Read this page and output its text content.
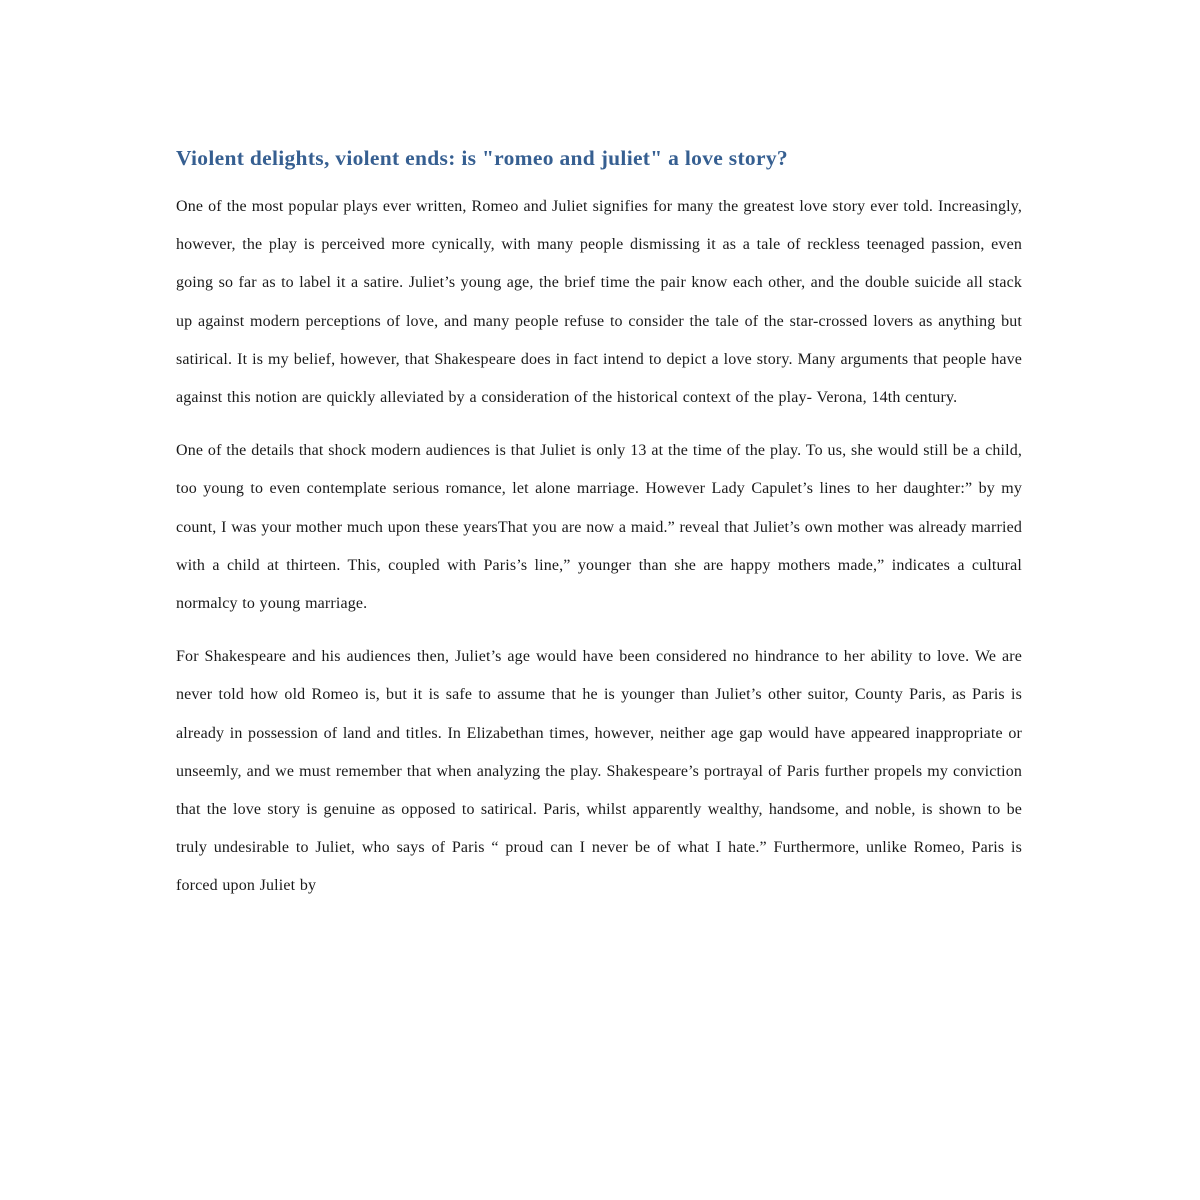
Violent delights, violent ends: is "romeo and juliet" a love story?

One of the most popular plays ever written, Romeo and Juliet signifies for many the greatest love story ever told. Increasingly, however, the play is perceived more cynically, with many people dismissing it as a tale of reckless teenaged passion, even going so far as to label it a satire. Juliet’s young age, the brief time the pair know each other, and the double suicide all stack up against modern perceptions of love, and many people refuse to consider the tale of the star-crossed lovers as anything but satirical. It is my belief, however, that Shakespeare does in fact intend to depict a love story. Many arguments that people have against this notion are quickly alleviated by a consideration of the historical context of the play- Verona, 14th century.

One of the details that shock modern audiences is that Juliet is only 13 at the time of the play. To us, she would still be a child, too young to even contemplate serious romance, let alone marriage. However Lady Capulet’s lines to her daughter:” by my count, I was your mother much upon these yearsThat you are now a maid.” reveal that Juliet’s own mother was already married with a child at thirteen. This, coupled with Paris’s line,” younger than she are happy mothers made,” indicates a cultural normalcy to young marriage.

For Shakespeare and his audiences then, Juliet’s age would have been considered no hindrance to her ability to love. We are never told how old Romeo is, but it is safe to assume that he is younger than Juliet’s other suitor, County Paris, as Paris is already in possession of land and titles. In Elizabethan times, however, neither age gap would have appeared inappropriate or unseemly, and we must remember that when analyzing the play. Shakespeare’s portrayal of Paris further propels my conviction that the love story is genuine as opposed to satirical. Paris, whilst apparently wealthy, handsome, and noble, is shown to be truly undesirable to Juliet, who says of Paris “ proud can I never be of what I hate.” Furthermore, unlike Romeo, Paris is forced upon Juliet by
